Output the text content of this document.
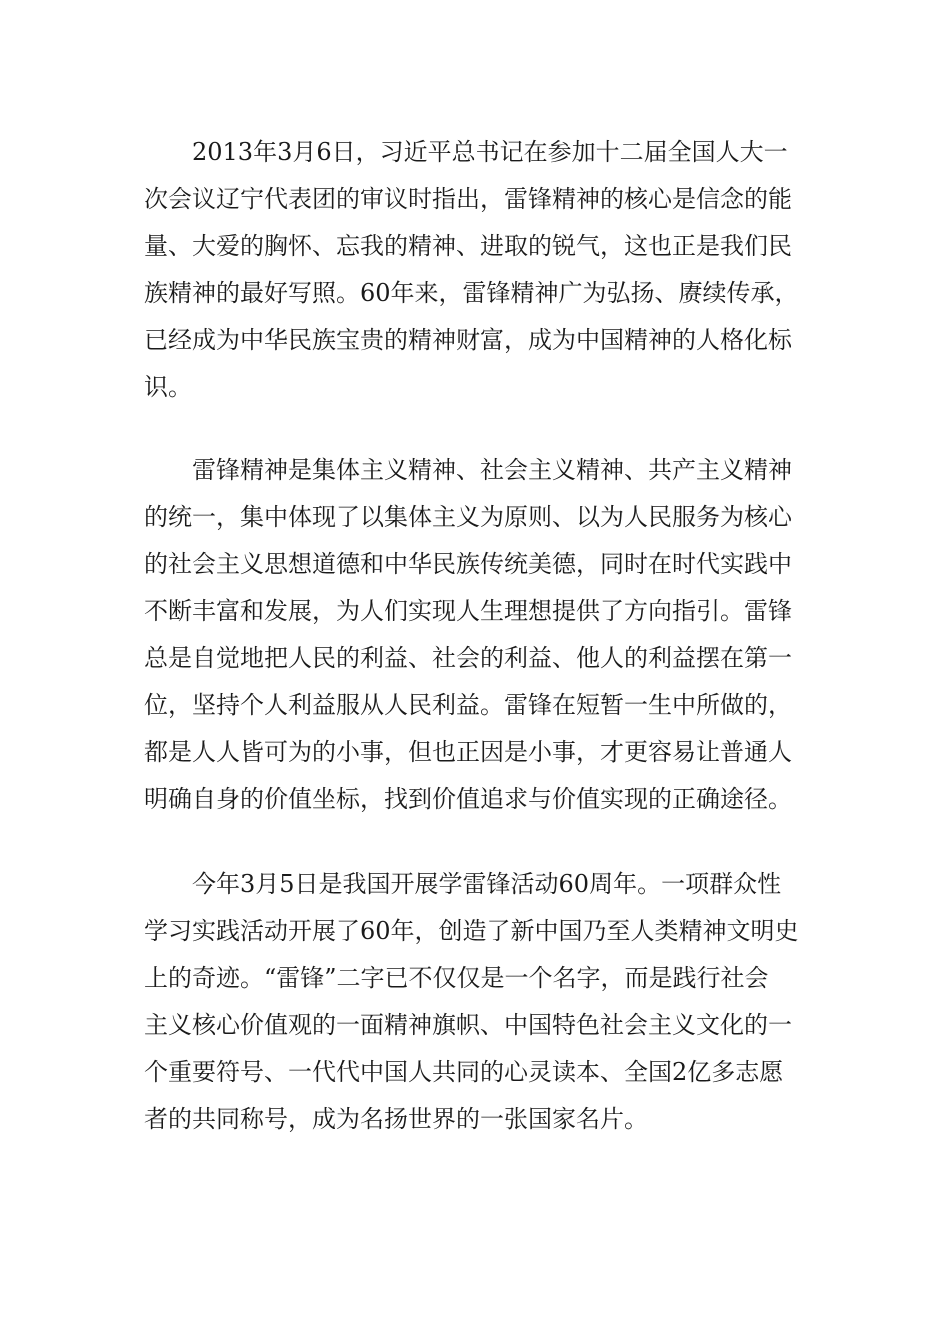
2013年3月6日，习近平总书记在参加十二届全国人大一
次会议辽宁代表团的审议时指出，雷锋精神的核心是信念的能
量、大爱的胸怀、忘我的精神、进取的锐气，这也正是我们民
族精神的最好写照。60年来，雷锋精神广为弘扬、赓续传承，
已经成为中华民族宝贵的精神财富，成为中国精神的人格化标
识。
雷锋精神是集体主义精神、社会主义精神、共产主义精神
的统一，集中体现了以集体主义为原则、以为人民服务为核心
的社会主义思想道德和中华民族传统美德，同时在时代实践中
不断丰富和发展，为人们实现人生理想提供了方向指引。雷锋
总是自觉地把人民的利益、社会的利益、他人的利益摆在第一
位，坚持个人利益服从人民利益。雷锋在短暂一生中所做的，
都是人人皆可为的小事，但也正因是小事，才更容易让普通人
明确自身的价值坐标，找到价值追求与价值实现的正确途径。
今年3月5日是我国开展学雷锋活动60周年。一项群众性
学习实践活动开展了60年，创造了新中国乃至人类精神文明史
上的奇迹。“雷锋”二字已不仅仅是一个名字，而是践行社会
主义核心价值观的一面精神旗帜、中国特色社会主义文化的一
个重要符号、一代代中国人共同的心灵读本、全国2亿多志愿
者的共同称号，成为名扬世界的一张国家名片。
